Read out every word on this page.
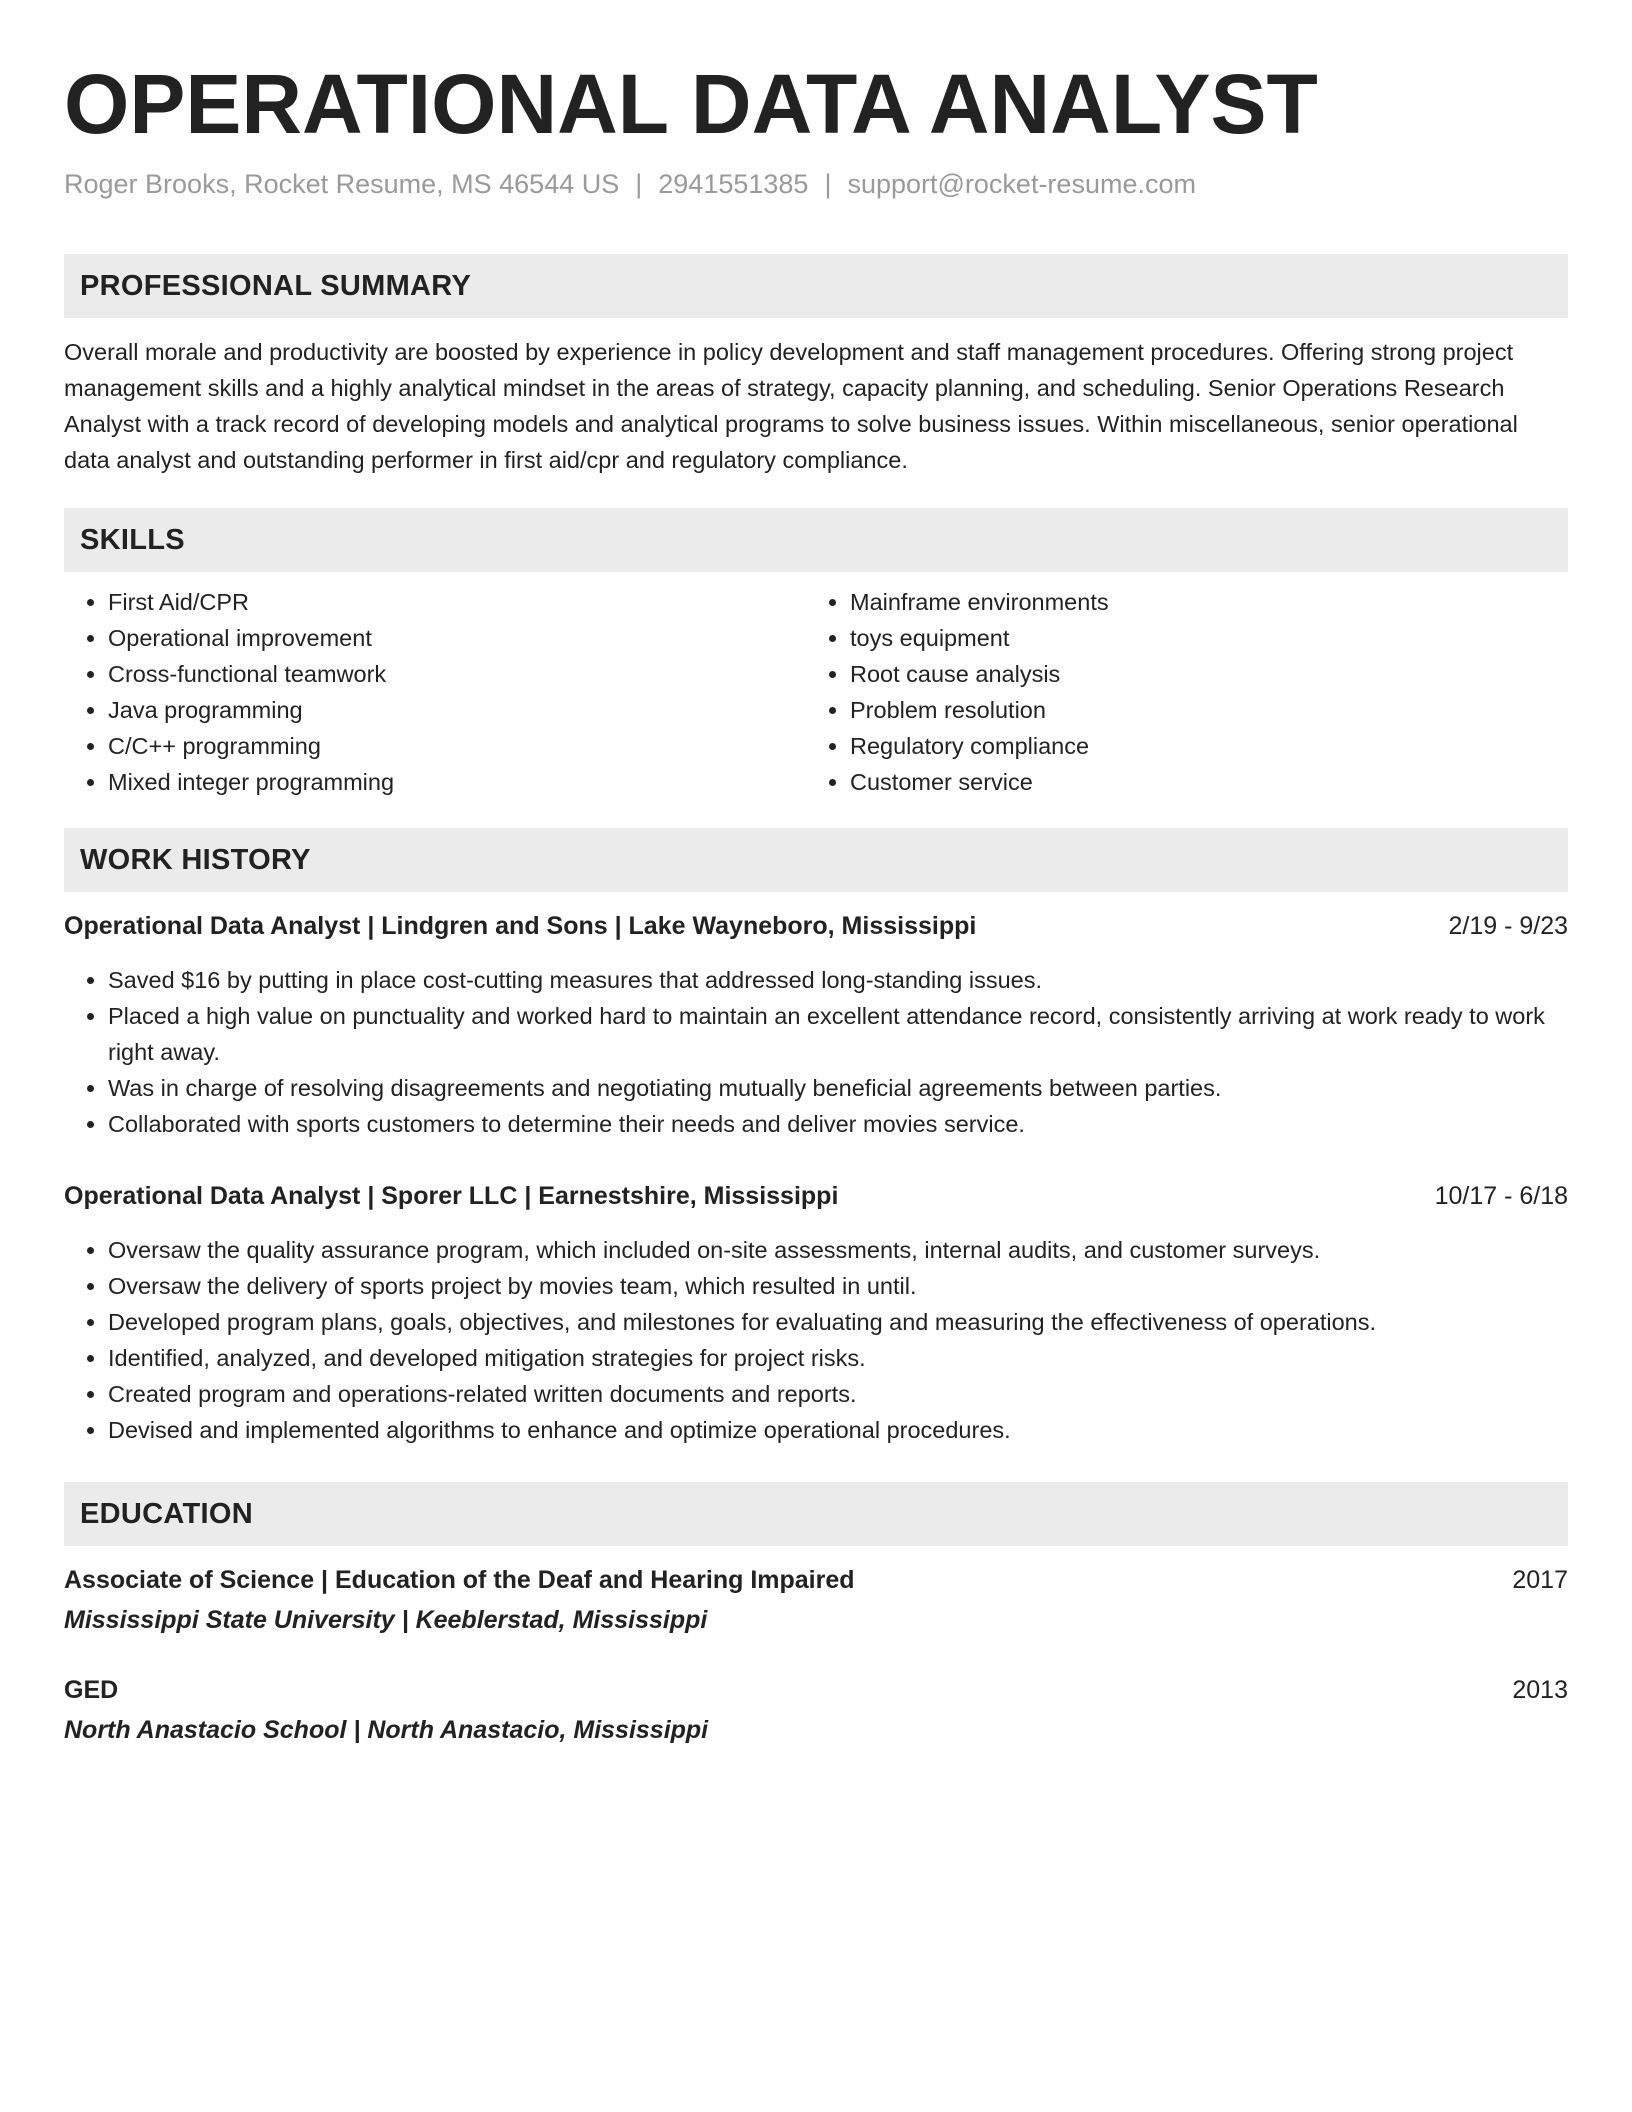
OPERATIONAL DATA ANALYST
Roger Brooks, Rocket Resume, MS 46544 US | 2941551385 | support@rocket-resume.com
PROFESSIONAL SUMMARY

Overall morale and productivity are boosted by experience in policy development and staff management procedures. Offering strong project management skills and a highly analytical mindset in the areas of strategy, capacity planning, and scheduling. Senior Operations Research Analyst with a track record of developing models and analytical programs to solve business issues. Within miscellaneous, senior operational data analyst and outstanding performer in first aid/cpr and regulatory compliance.

SKILLS
• First Aid/CPR
• Operational improvement
• Cross-functional teamwork
• Java programming
• C/C++ programming
• Mixed integer programming
• Mainframe environments
• toys equipment
• Root cause analysis
• Problem resolution
• Regulatory compliance
• Customer service
WORK HISTORY
Operational Data Analyst | Lindgren and Sons | Lake Wayneboro, Mississippi	2/19 - 9/23
• Saved $16 by putting in place cost-cutting measures that addressed long-standing issues.
• Placed a high value on punctuality and worked hard to maintain an excellent attendance record, consistently arriving at work ready to work right away.
• Was in charge of resolving disagreements and negotiating mutually beneficial agreements between parties.
• Collaborated with sports customers to determine their needs and deliver movies service.
Operational Data Analyst | Sporer LLC | Earnestshire, Mississippi	10/17 - 6/18
• Oversaw the quality assurance program, which included on-site assessments, internal audits, and customer surveys.
• Oversaw the delivery of sports project by movies team, which resulted in until.
• Developed program plans, goals, objectives, and milestones for evaluating and measuring the effectiveness of operations.
• Identified, analyzed, and developed mitigation strategies for project risks.
• Created program and operations-related written documents and reports.
• Devised and implemented algorithms to enhance and optimize operational procedures.
EDUCATION
Associate of Science | Education of the Deaf and Hearing Impaired	2017
Mississippi State University | Keeblerstad, Mississippi
GED	2013
North Anastacio School | North Anastacio, Mississippi
